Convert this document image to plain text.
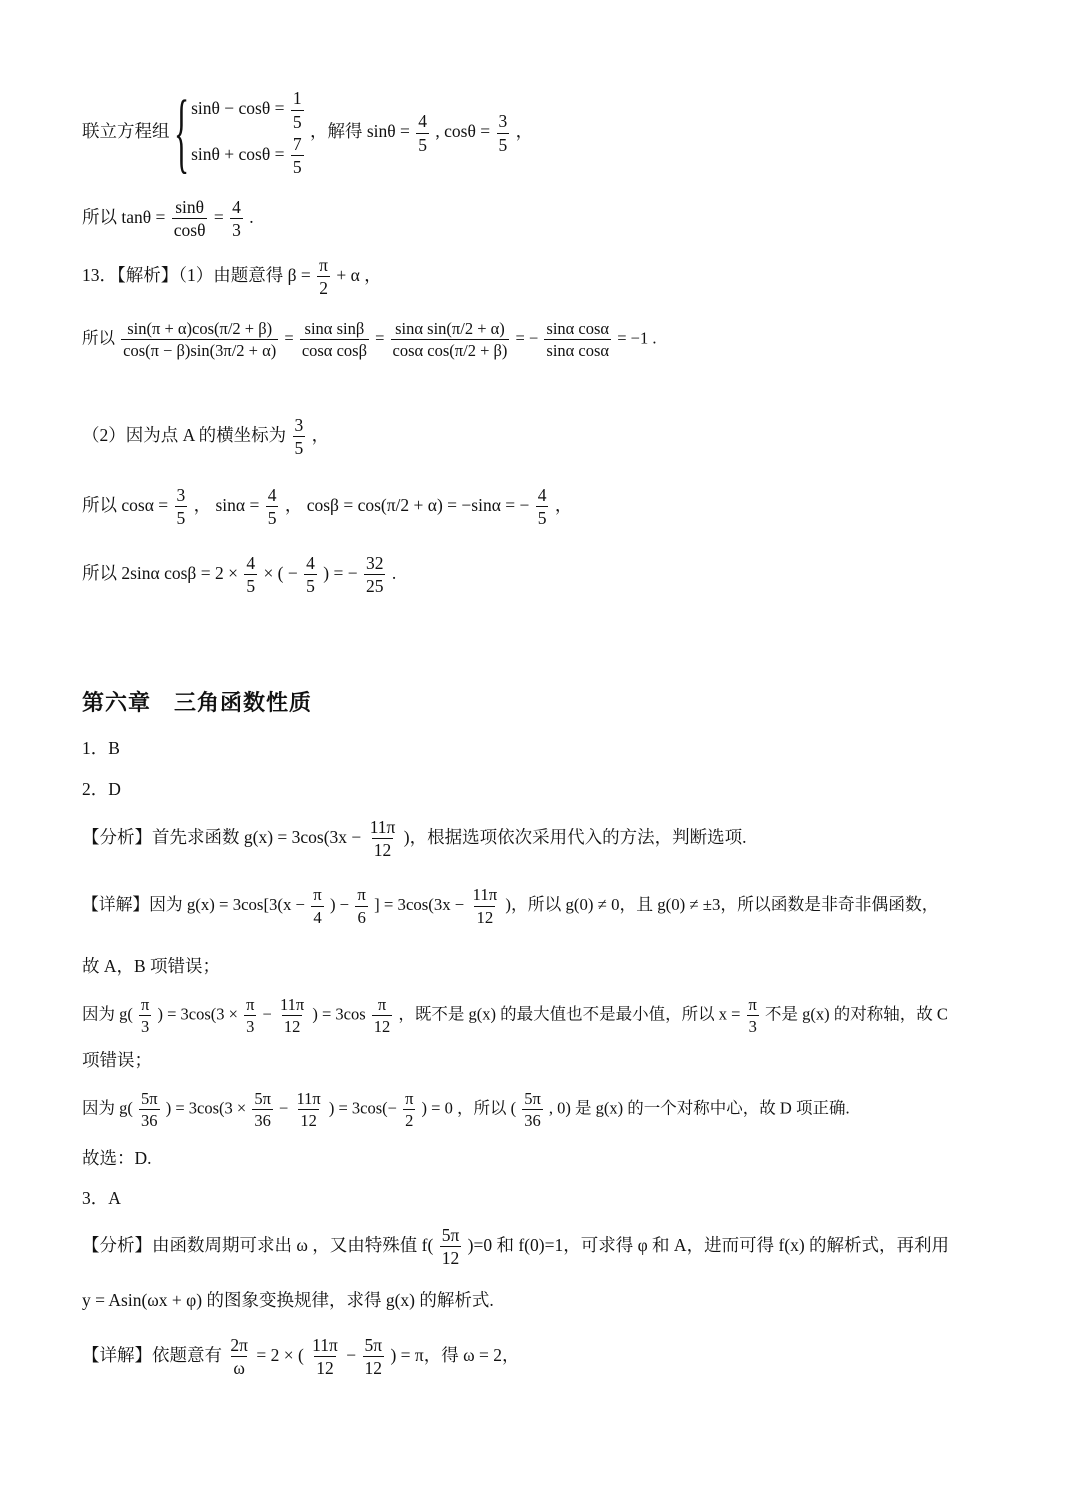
联立方程组 { $\sin\theta - \cos\theta = \frac{1}{5}$
$\sin\theta + \cos\theta = \frac{7}{5}$
，解得 $\sin\theta = \frac{4}{5}$ , $\cos\theta = \frac{3}{5}$ ，
所以 $\tan\theta = \frac{\sin\theta}{\cos\theta} = \frac{4}{3}$ .
13．【解析】（1）由题意得 $\beta = \frac{\pi}{2} + \alpha$ ，
所以 $\frac{\sin(\pi + \alpha)\cos(\pi/2 + \beta)}{\cos(\pi - \beta)\sin(3\pi/2 + \alpha)} = \frac{\text{sinα sinβ}}{\text{cosα cosβ}} = \frac{\text{sinα sin(π/2 + α)}}{\text{cosα cos(π/2 + β)}}$ = − $\frac{\text{sinα cosα}}{\text{sinα cosα}} = -1$ .
（2）因为点 A 的横坐标为 $\frac{3}{5}$ ，
所以 $\cos\alpha = \frac{3}{5}$ ， $\sin\alpha = \frac{4}{5}$ ， cosβ = cos(π/2 + α) = −sinα = − $\frac{4}{5}$ ，
所以 2sinα $\cos\beta = 2 \times \frac{4}{5}$ × ( − $\frac{4}{5}$ ) = − $\frac{32}{25}$ .
第六章　三角函数性质
1．B
2．D
【分析】首先求函数 $g(x) = 3\cos(3x - \frac{11\pi}{12}$ )，根据选项依次采用代入的方法，判断选项.
【详解】因为 $g(x) = 3\cos[3(x - \frac{\pi}{4}$ ) − $\frac{\pi}{6}$ ] = $3\cos(3x - \frac{11\pi}{12}$ )，所以 g(0) ≠ 0，且 g(0) ≠ ±3，所以函数是非奇非偶函数，
故 A，B 项错误；
因为 $g( \frac{\pi}{3}$ ) = $3\cos(3 \times \frac{\pi}{3} - \frac{11\pi}{12}$ ) = $3\cos \frac{\pi}{12}$ ，既不是 g(x) 的最大值也不是最小值，所以 $x = \frac{\pi}{3}$ 不是 g(x) 的对称轴，故 C
项错误；
因为 $g( \frac{5\pi}{36}$ ) = $3\cos(3 \times \frac{5\pi}{36} - \frac{11\pi}{12}$ ) = $3\cos(- \frac{\pi}{2}$ ) = 0 ，所以 ( $\frac{5\pi}{36}$ , 0) 是 g(x) 的一个对称中心，故 D 项正确.
故选：D.
3．A
【分析】由函数周期可求出 ω ，又由特殊值 $f( \frac{5\pi}{12} )=0$ 和 f(0)=1，可求得 φ 和 A，进而可得 f(x) 的解析式，再利用
y = Asin(ωx + φ) 的图象变换规律，求得 g(x) 的解析式.
【详解】依题意有 $\frac{2\pi}{\omega} = 2$ × ( $\frac{11\pi}{12} - \frac{5\pi}{12}$ ) = π，得 ω = 2，
